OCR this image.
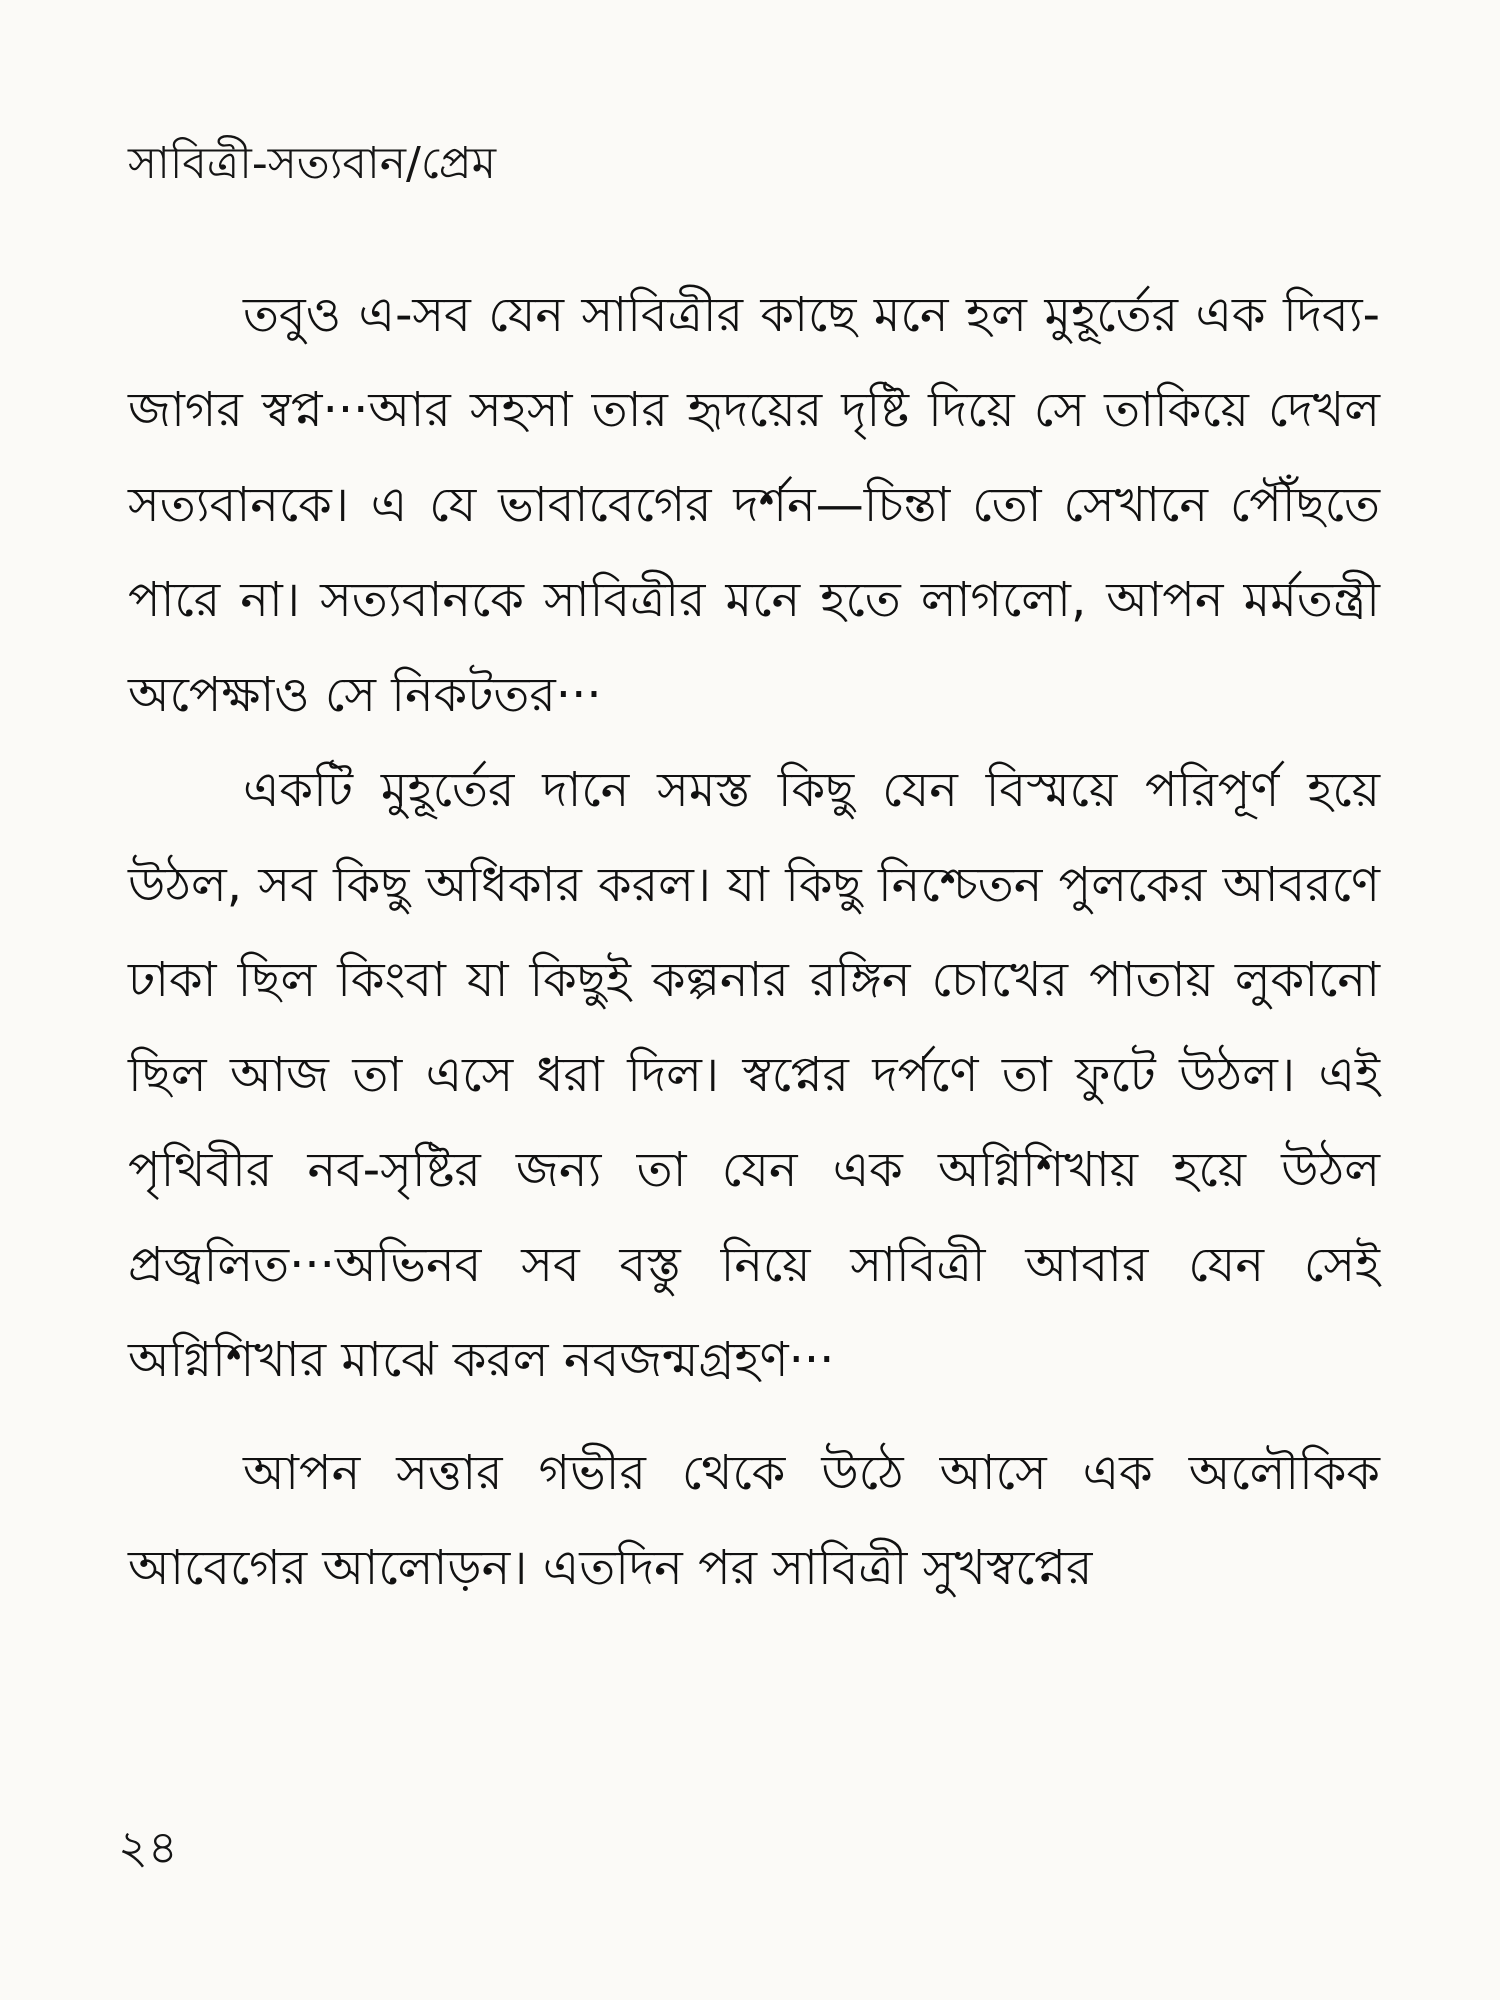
সাবিত্রী-সত্যবান/প্রেম

তবুও এ-সব যেন সাবিত্রীর কাছে মনে হল মুহূর্তের এক দিব্য-জাগর স্বপ্ন···আর সহসা তার হৃদয়ের দৃষ্টি দিয়ে সে তাকিয়ে দেখল সত্যবানকে। এ যে ভাবাবেগের দর্শন—চিন্তা তো সেখানে পৌঁছতে পারে না। সত্যবানকে সাবিত্রীর মনে হতে লাগলো, আপন মর্মতন্ত্রী অপেক্ষাও সে নিকটতর···

একটি মুহূর্তের দানে সমস্ত কিছু যেন বিস্ময়ে পরিপূর্ণ হয়ে উঠল, সব কিছু অধিকার করল। যা কিছু নিশ্চেতন পুলকের আবরণে ঢাকা ছিল কিংবা যা কিছুই কল্পনার রঙ্গিন চোখের পাতায় লুকানো ছিল আজ তা এসে ধরা দিল। স্বপ্নের দর্পণে তা ফুটে উঠল। এই পৃথিবীর নব-সৃষ্টির জন্য তা যেন এক অগ্নিশিখায় হয়ে উঠল প্রজ্বলিত···অভিনব সব বস্তু নিয়ে সাবিত্রী আবার যেন সেই অগ্নিশিখার মাঝে করল নবজন্মগ্রহণ···

আপন সত্তার গভীর থেকে উঠে আসে এক অলৌকিক আবেগের আলোড়ন। এতদিন পর সাবিত্রী সুখস্বপ্নের

২৪
